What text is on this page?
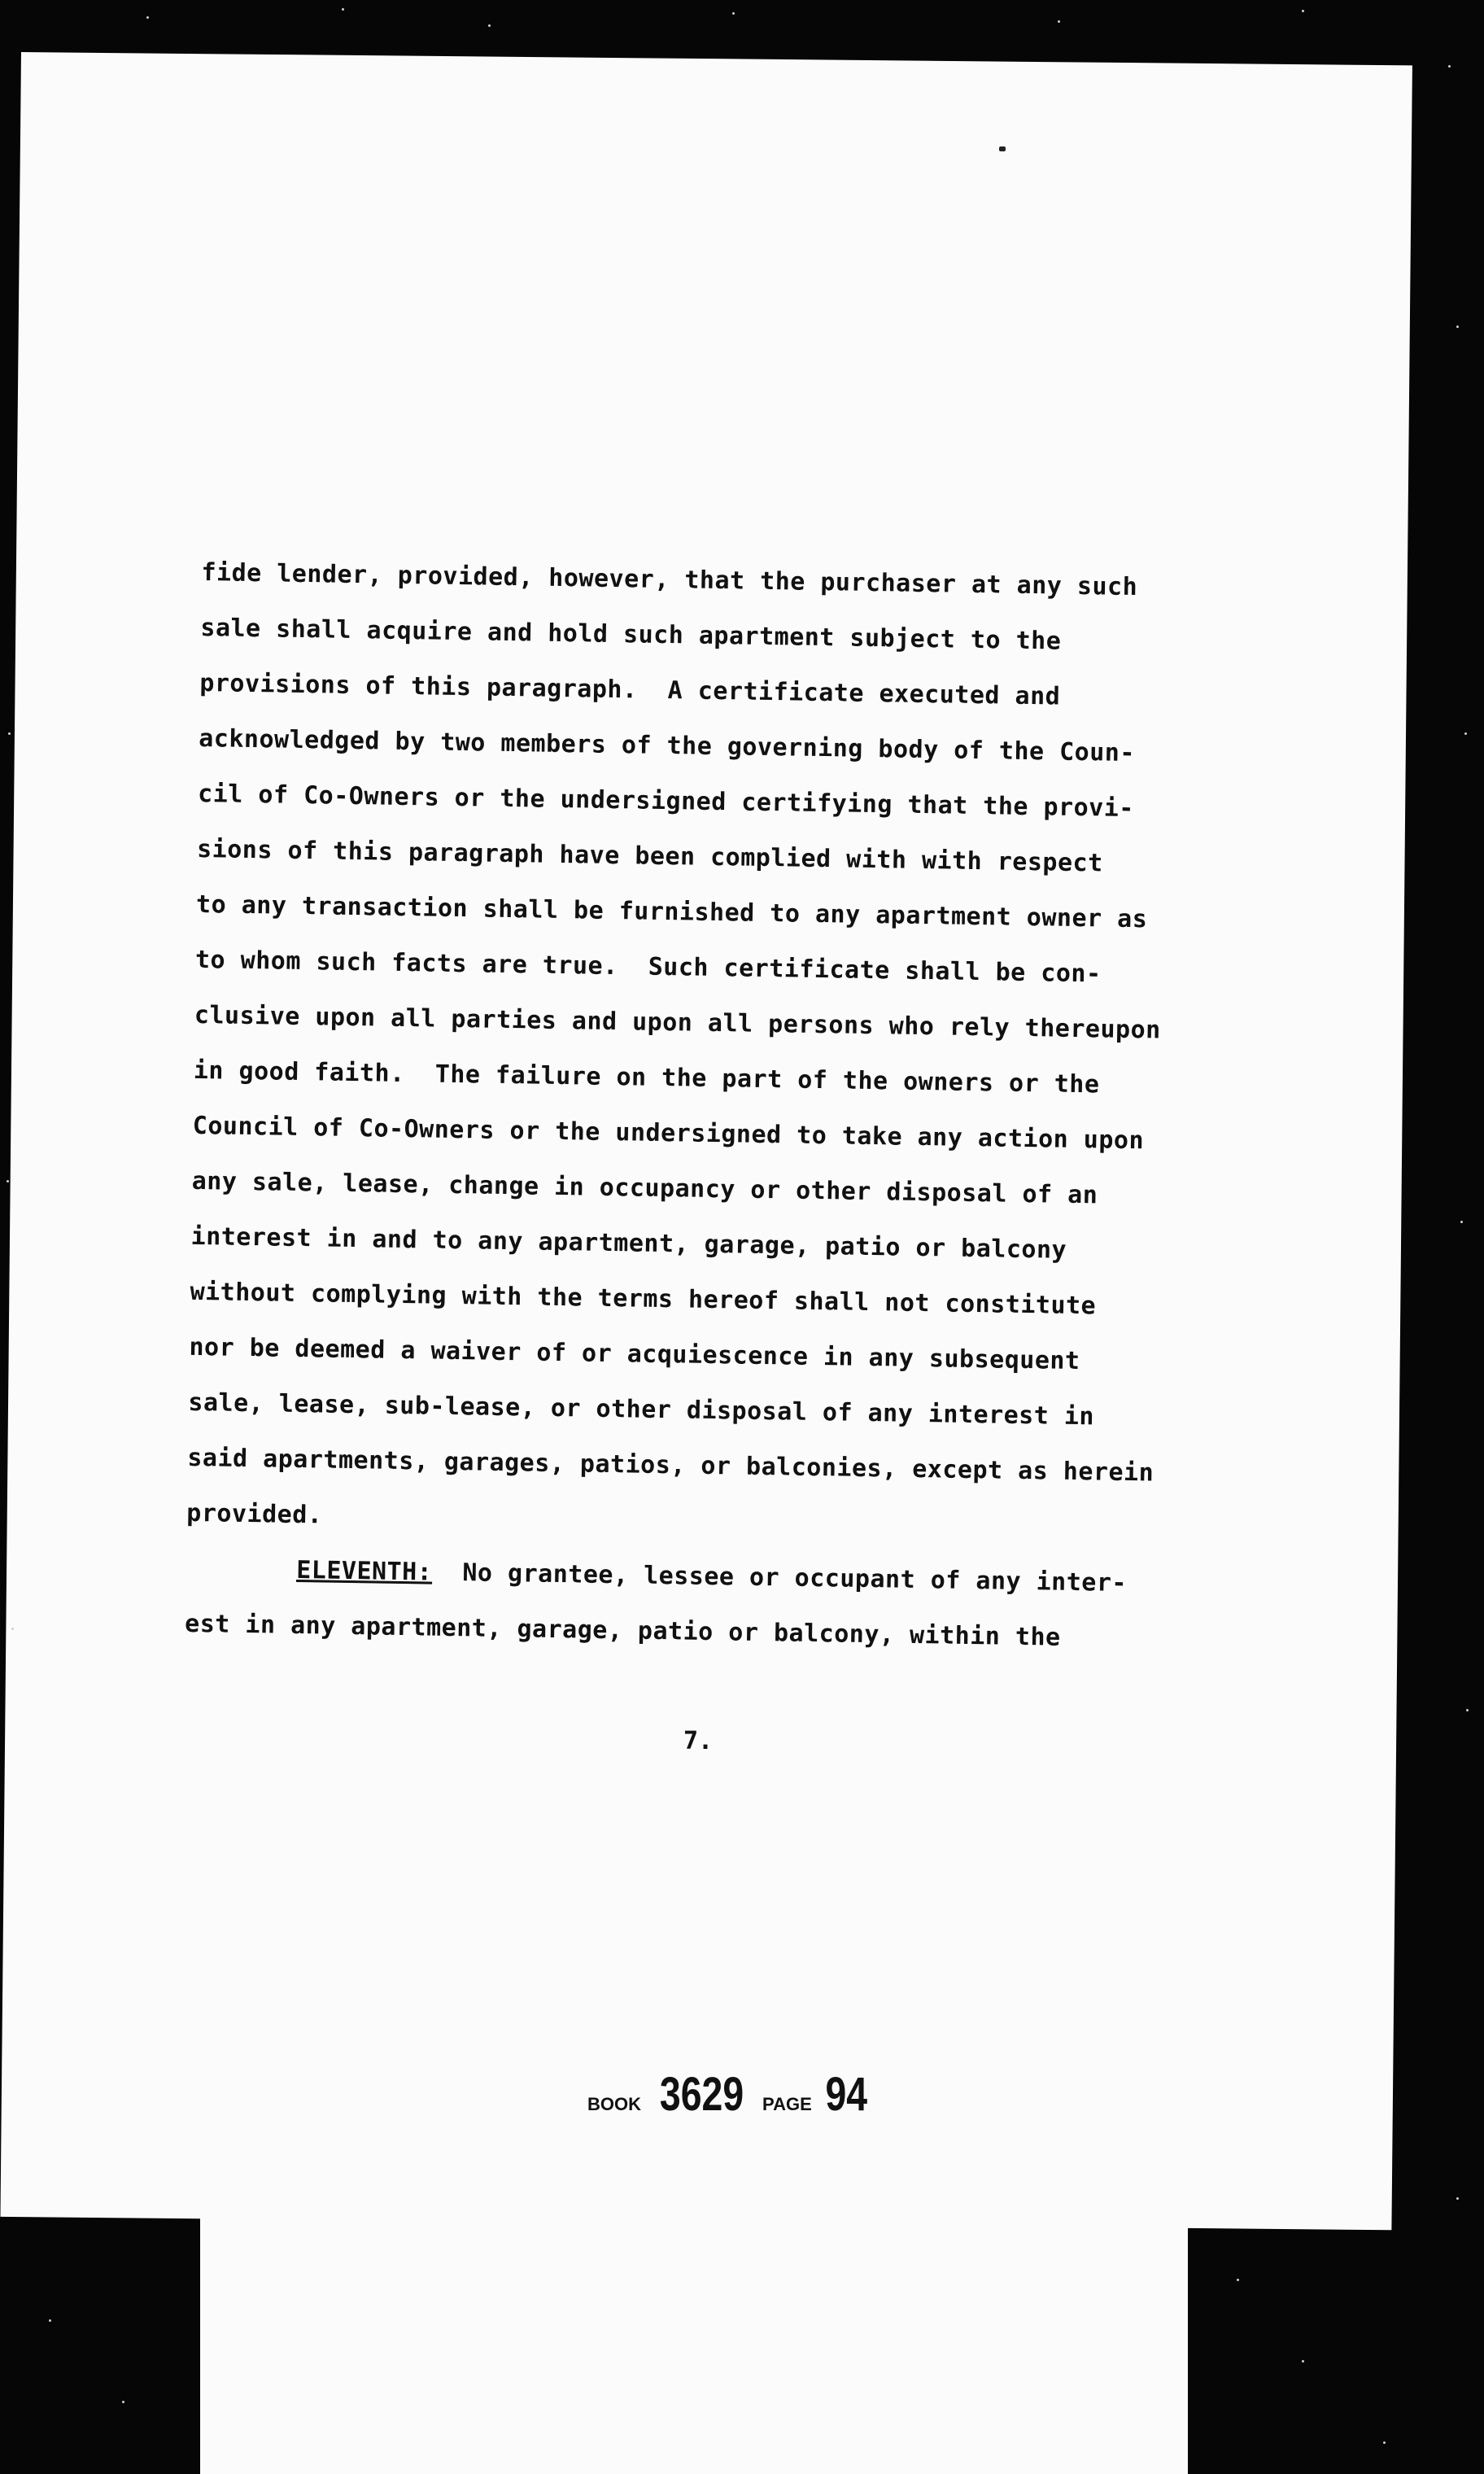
fide lender, provided, however, that the purchaser at any such
sale shall acquire and hold such apartment subject to the
provisions of this paragraph.  A certificate executed and
acknowledged by two members of the governing body of the Coun-
cil of Co-Owners or the undersigned certifying that the provi-
sions of this paragraph have been complied with with respect
to any transaction shall be furnished to any apartment owner as
to whom such facts are true.  Such certificate shall be con-
clusive upon all parties and upon all persons who rely thereupon
in good faith.  The failure on the part of the owners or the
Council of Co-Owners or the undersigned to take any action upon
any sale, lease, change in occupancy or other disposal of an
interest in and to any apartment, garage, patio or balcony
without complying with the terms hereof shall not constitute
nor be deemed a waiver of or acquiescence in any subsequent
sale, lease, sub-lease, or other disposal of any interest in
said apartments, garages, patios, or balconies, except as herein
provided.
ELEVENTH:  No grantee, lessee or occupant of any inter-
est in any apartment, garage, patio or balcony, within the
7.
BOOK 3629 PAGE 94
